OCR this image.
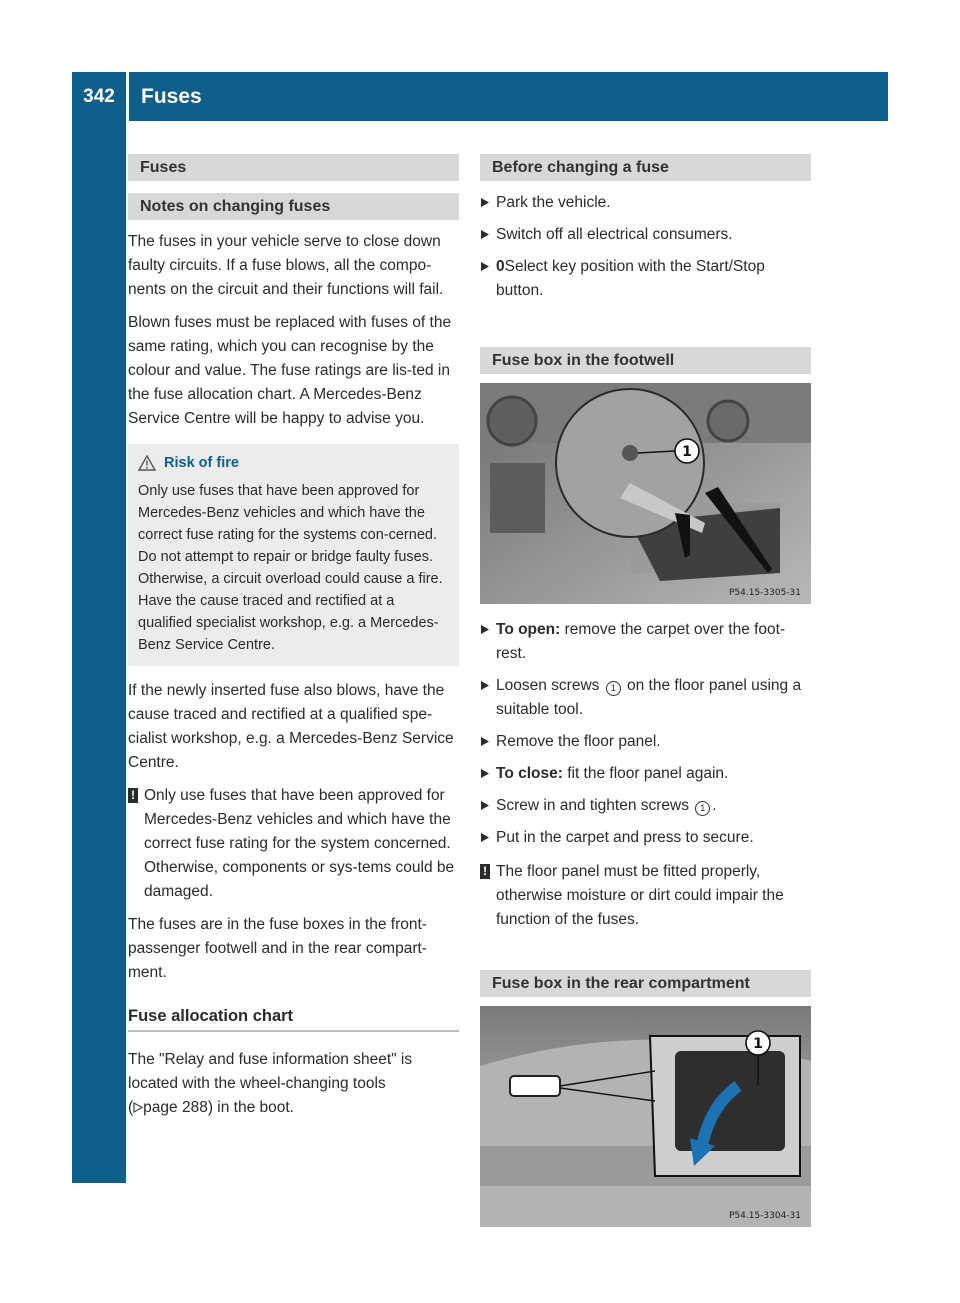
342	Fuses
Practical advice
Fuses
Notes on changing fuses

The fuses in your vehicle serve to close down faulty circuits. If a fuse blows, all the compo-nents on the circuit and their functions will fail.

Blown fuses must be replaced with fuses of the same rating, which you can recognise by the colour and value. The fuse ratings are lis-ted in the fuse allocation chart. A Mercedes-Benz Service Centre will be happy to advise you.

Risk of fire
Only use fuses that have been approved for Mercedes-Benz vehicles and which have the correct fuse rating for the systems con-cerned. Do not attempt to repair or bridge faulty fuses. Otherwise, a circuit overload could cause a fire. Have the cause traced and rectified at a qualified specialist workshop, e.g. a Mercedes-Benz Service Centre.

If the newly inserted fuse also blows, have the cause traced and rectified at a qualified spe-cialist workshop, e.g. a Mercedes-Benz Service Centre.

! Only use fuses that have been approved for Mercedes-Benz vehicles and which have the correct fuse rating for the system concerned. Otherwise, components or sys-tems could be damaged.

The fuses are in the fuse boxes in the front-passenger footwell and in the rear compart-ment.

Fuse allocation chart

The "Relay and fuse information sheet" is located with the wheel-changing tools
( page 288) in the boot.

Before changing a fuse
Park the vehicle.
Switch off all electrical consumers.
0Select key position with the Start/Stop button.
Fuse box in the footwell
1
P54.15-3305-31
To open: remove the carpet over the foot-rest.
Loosen screws 1 on the floor panel using a suitable tool.
Remove the floor panel.
To close: fit the floor panel again.
Screw in and tighten screws 1 .
Put in the carpet and press to secure.
! The floor panel must be fitted properly, otherwise moisture or dirt could impair the function of the fuses.
Fuse box in the rear compartment
1
P54.15-3304-31
